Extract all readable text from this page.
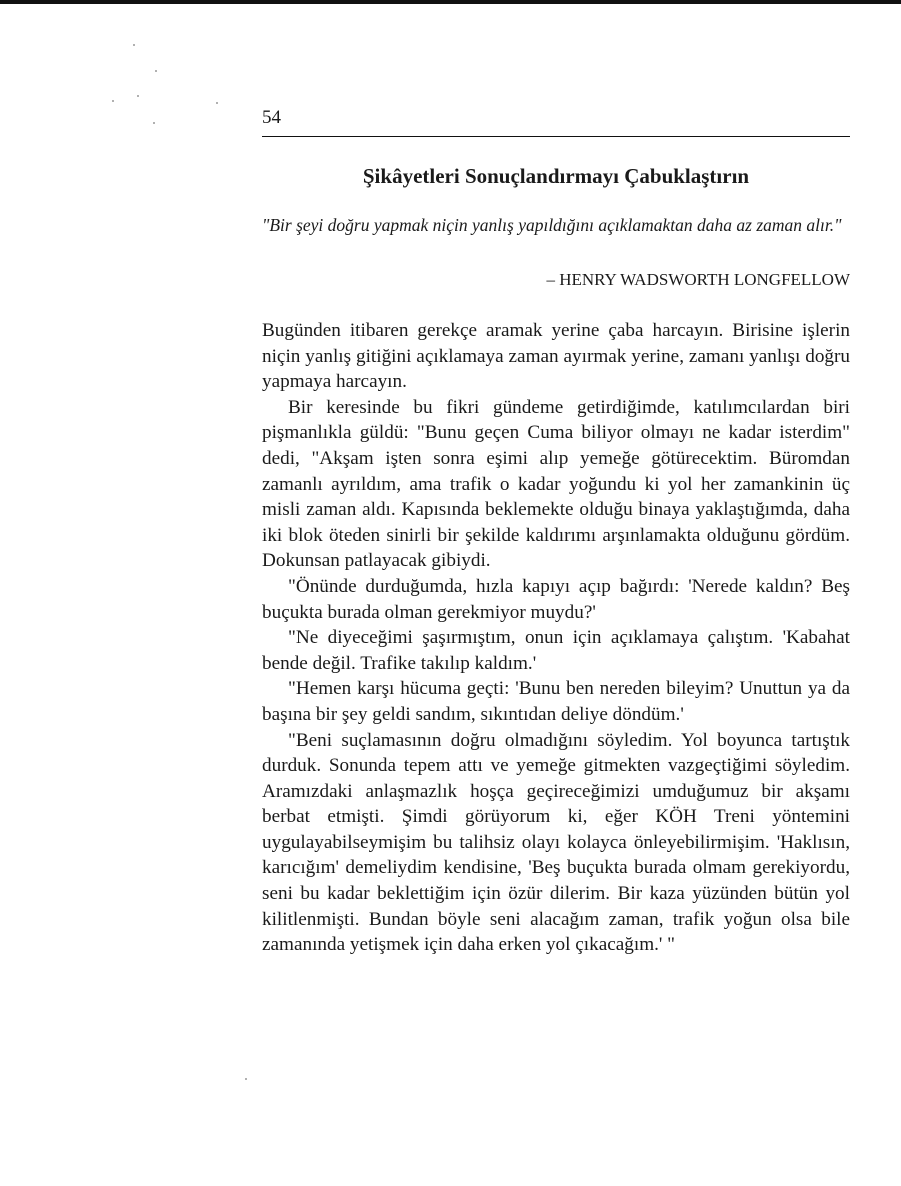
54
Şikâyetleri Sonuçlandırmayı Çabuklaştırın

"Bir şeyi doğru yapmak niçin yanlış yapıldığını açıklamaktan daha az zaman alır."

– HENRY WADSWORTH LONGFELLOW

Bugünden itibaren gerekçe aramak yerine çaba harcayın. Birisine işlerin niçin yanlış gitiğini açıklamaya zaman ayırmak yerine, zamanı yanlışı doğru yapmaya harcayın.

Bir keresinde bu fikri gündeme getirdiğimde, katılımcılardan biri pişmanlıkla güldü: "Bunu geçen Cuma biliyor olmayı ne kadar isterdim" dedi, "Akşam işten sonra eşimi alıp yemeğe götürecektim. Büromdan zamanlı ayrıldım, ama trafik o kadar yoğundu ki yol her zamankinin üç misli zaman aldı. Kapısında beklemekte olduğu binaya yaklaştığımda, daha iki blok öteden sinirli bir şekilde kaldırımı arşınlamakta olduğunu gördüm. Dokunsan patlayacak gibiydi.

"Önünde durduğumda, hızla kapıyı açıp bağırdı: 'Nerede kaldın? Beş buçukta burada olman gerekmiyor muydu?'

"Ne diyeceğimi şaşırmıştım, onun için açıklamaya çalıştım. 'Kabahat bende değil. Trafike takılıp kaldım.'

"Hemen karşı hücuma geçti: 'Bunu ben nereden bileyim? Unuttun ya da başına bir şey geldi sandım, sıkıntıdan deliye döndüm.'

"Beni suçlamasının doğru olmadığını söyledim. Yol boyunca tartıştık durduk. Sonunda tepem attı ve yemeğe gitmekten vazgeçtiğimi söyledim. Aramızdaki anlaşmazlık hoşça geçireceğimizi umduğumuz bir akşamı berbat etmişti. Şimdi görüyorum ki, eğer KÖH Treni yöntemini uygulayabilseymişim bu talihsiz olayı kolayca önleyebilirmişim. 'Haklısın, karıcığım' demeliydim kendisine, 'Beş buçukta burada olmam gerekiyordu, seni bu kadar beklettiğim için özür dilerim. Bir kaza yüzünden bütün yol kilitlenmişti. Bundan böyle seni alacağım zaman, trafik yoğun olsa bile zamanında yetişmek için daha erken yol çıkacağım.' "
